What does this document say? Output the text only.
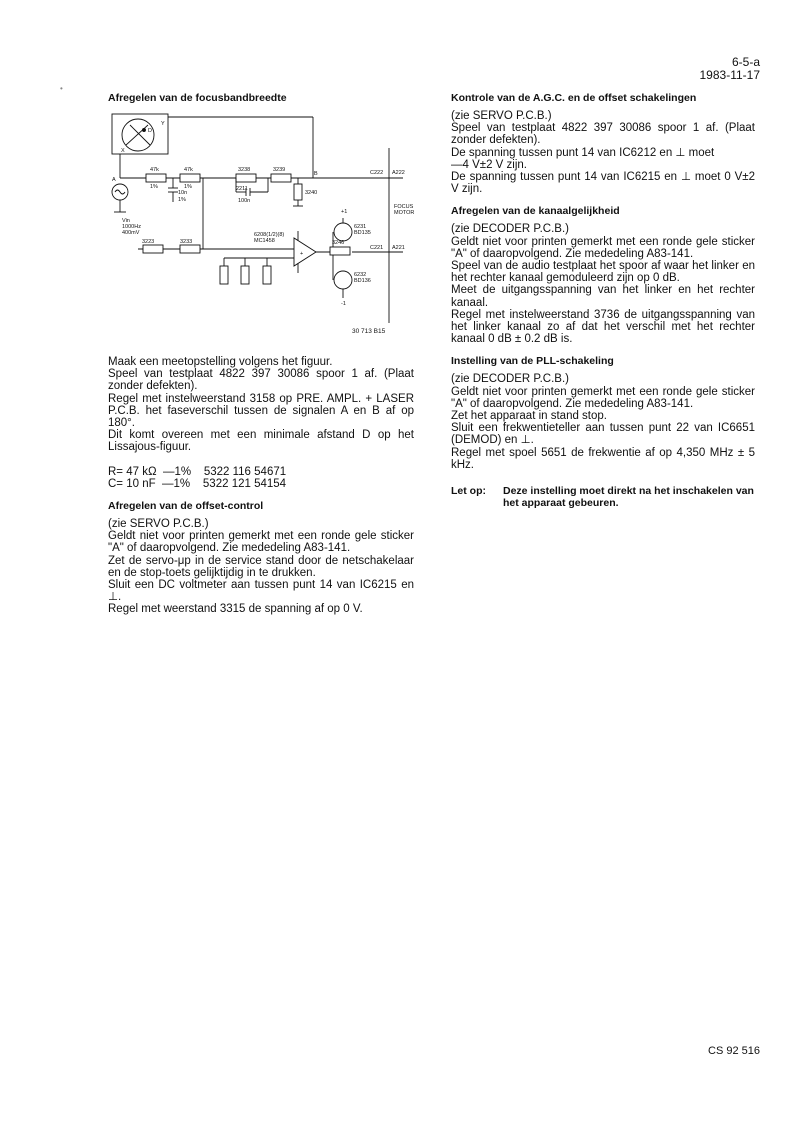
6-5-a
1983-11-17
•
X
Y
D
A
B
47k	47k
1%	1%
10n
1%
3238	3239
2211
100n
3240
Vin
1000Hz
400mV
3223	3233
6208(1/2)(8)
MC1458
+
C222 A222
C221 A221
FOCUS
MOTOR
6231
BD135
6232
BD136
3246
+1
-1
30 713 B15
Afregelen van de focusbandbreedte

Maak een meetopstelling volgens het figuur.
Speel van testplaat 4822 397 30086 spoor 1 af. (Plaat zonder defekten).
Regel met instelweerstand 3158 op PRE. AMPL. + LASER P.C.B. het faseverschil tussen de signalen A en B af op 180°.
Dit komt overeen met een minimale afstand D op het Lissajous-figuur.

R= 47 kΩ  —1%    5322 116 54671
C= 10 nF  —1%    5322 121 54154
Afregelen van de offset-control

(zie SERVO P.C.B.)
Geldt niet voor printen gemerkt met een ronde gele sticker "A" of daaropvolgend. Zie mededeling A83-141.
Zet de servo-μp in de service stand door de netschakelaar en de stop-toets gelijktijdig in te drukken.
Sluit een DC voltmeter aan tussen punt 14 van IC6215 en ⊥.
Regel met weerstand 3315 de spanning af op 0 V.

Kontrole van de A.G.C. en de offset schakelingen

(zie SERVO P.C.B.)
Speel van testplaat 4822 397 30086 spoor 1 af. (Plaat zonder defekten).
De spanning tussen punt 14 van IC6212 en ⊥ moet
—4 V±2 V zijn.
De spanning tussen punt 14 van IC6215 en ⊥ moet 0 V±2 V zijn.

Afregelen van de kanaalgelijkheid

(zie DECODER P.C.B.)
Geldt niet voor printen gemerkt met een ronde gele sticker "A" of daaropvolgend. Zie mededeling A83-141.
Speel van de audio testplaat het spoor af waar het linker en het rechter kanaal gemoduleerd zijn op 0 dB.
Meet de uitgangsspanning van het linker en het rechter kanaal.
Regel met instelweerstand 3736 de uitgangsspanning van het linker kanaal zo af dat het verschil met het rechter kanaal 0 dB ± 0.2 dB is.

Instelling van de PLL-schakeling

(zie DECODER P.C.B.)
Geldt niet voor printen gemerkt met een ronde gele sticker "A" of daaropvolgend. Zie mededeling A83-141.
Zet het apparaat in stand stop.
Sluit een frekwentieteller aan tussen punt 22 van IC6651 (DEMOD) en ⊥.
Regel met spoel 5651 de frekwentie af op 4,350 MHz ± 5 kHz.

Let op:	Deze instelling moet direkt na het inschakelen van het apparaat gebeuren.
CS 92 516
